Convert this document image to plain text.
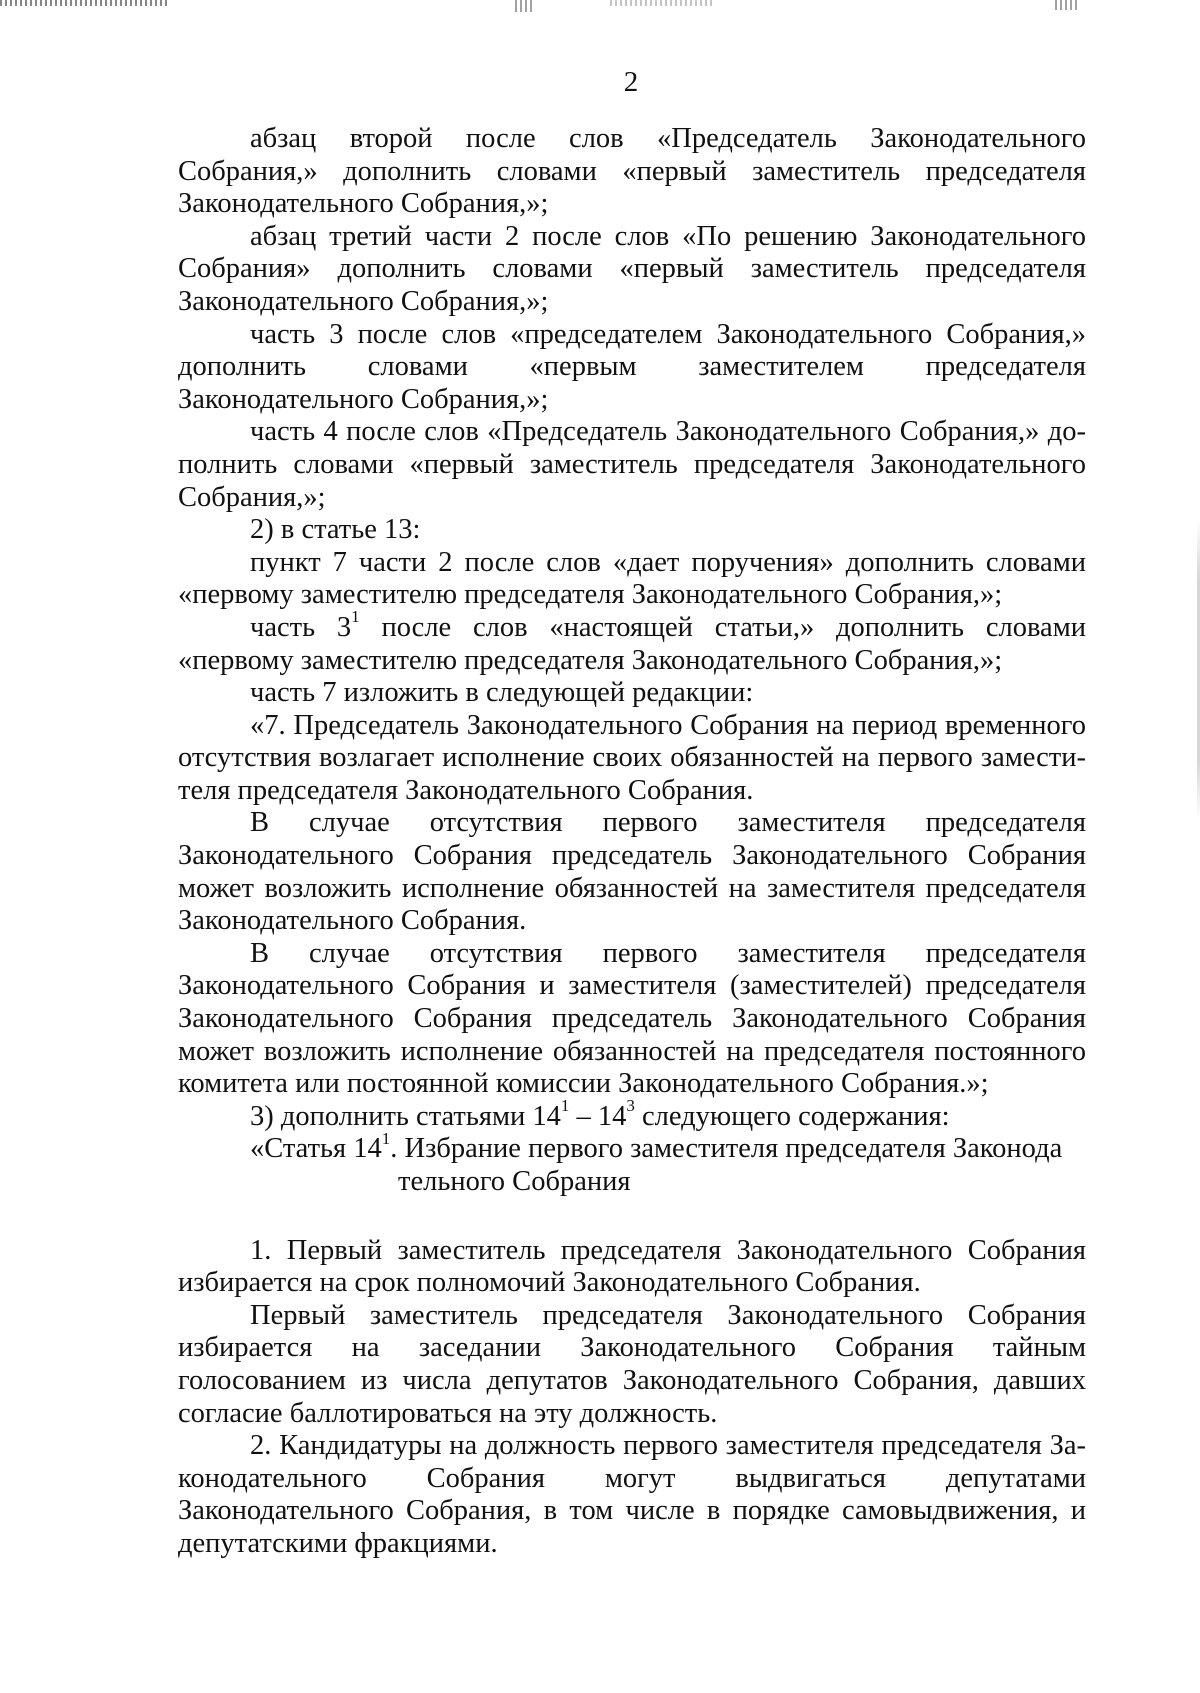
2

абзац второй после слов «Председатель Законодательного Собрания,» дополнить словами «первый заместитель председателя Законодательного Собрания,»;

абзац третий части 2 после слов «По решению Законодательного Собрания» дополнить словами «первый заместитель председателя Законодательного Собрания,»;

часть 3 после слов «председателем Законодательного Собрания,» дополнить словами «первым заместителем председателя Законодательного Собрания,»;

часть 4 после слов «Председатель Законодательного Собрания,» дополнить словами «первый заместитель председателя Законодательного Собрания,»;

2) в статье 13:

пункт 7 части 2 после слов «дает поручения» дополнить словами «первому заместителю председателя Законодательного Собрания,»;

часть $3^1$ после слов «настоящей статьи,» дополнить словами «первому заместителю председателя Законодательного Собрания,»;

часть 7 изложить в следующей редакции:

«7. Председатель Законодательного Собрания на период временного отсутствия возлагает исполнение своих обязанностей на первого заместителя председателя Законодательного Собрания.

В случае отсутствия первого заместителя председателя Законодательного Собрания председатель Законодательного Собрания может возложить исполнение обязанностей на заместителя председателя Законодательного Собрания.

В случае отсутствия первого заместителя председателя Законодательного Собрания и заместителя (заместителей) председателя Законодательного Собрания председатель Законодательного Собрания может возложить исполнение обязанностей на председателя постоянного комитета или постоянной комиссии Законодательного Собрания.»;

3) дополнить статьями $14^1 - 14^3$ следующего содержания:

«Статья $14^1$. Избрание первого заместителя председателя Законода
тельного Собрания

1. Первый заместитель председателя Законодательного Собрания избирается на срок полномочий Законодательного Собрания.

Первый заместитель председателя Законодательного Собрания избирается на заседании Законодательного Собрания тайным голосованием из числа депутатов Законодательного Собрания, давших согласие баллотироваться на эту должность.

2. Кандидатуры на должность первого заместителя председателя Законодательного Собрания могут выдвигаться депутатами Законодательного Собрания, в том числе в порядке самовыдвижения, и депутатскими фракциями.
